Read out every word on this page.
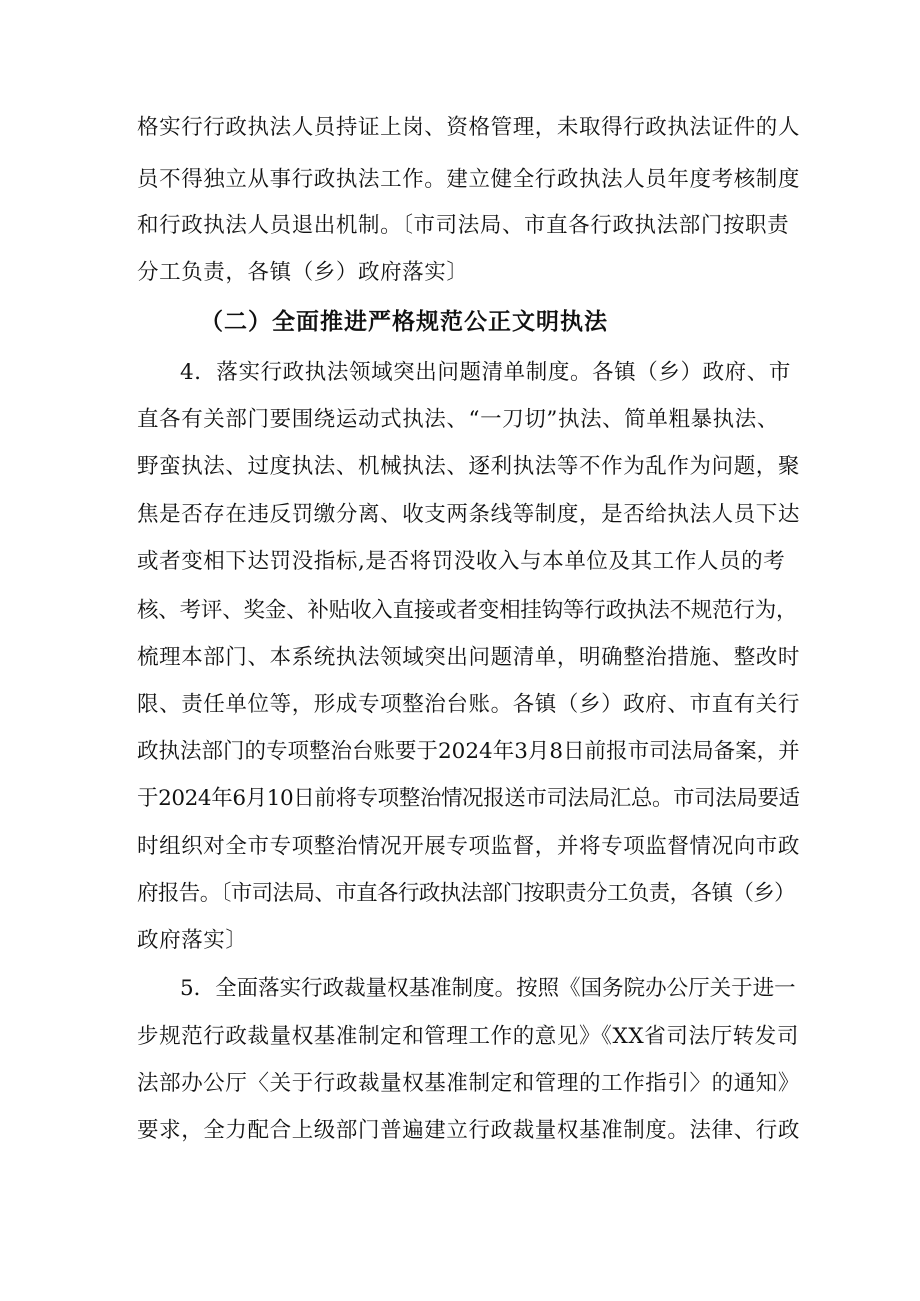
格实行行政执法人员持证上岗、资格管理，未取得行政执法证件的人
员不得独立从事行政执法工作。建立健全行政执法人员年度考核制度
和行政执法人员退出机制。〔市司法局、市直各行政执法部门按职责
分工负责，各镇（乡）政府落实〕
（二）全面推进严格规范公正文明执法
4．落实行政执法领域突出问题清单制度。各镇（乡）政府、市
直各有关部门要围绕运动式执法、“一刀切”执法、简单粗暴执法、
野蛮执法、过度执法、机械执法、逐利执法等不作为乱作为问题，聚
焦是否存在违反罚缴分离、收支两条线等制度，是否给执法人员下达
或者变相下达罚没指标,是否将罚没收入与本单位及其工作人员的考
核、考评、奖金、补贴收入直接或者变相挂钩等行政执法不规范行为，
梳理本部门、本系统执法领域突出问题清单，明确整治措施、整改时
限、责任单位等，形成专项整治台账。各镇（乡）政府、市直有关行
政执法部门的专项整治台账要于2024年3月8日前报市司法局备案，并
于2024年6月10日前将专项整治情况报送市司法局汇总。市司法局要适
时组织对全市专项整治情况开展专项监督，并将专项监督情况向市政
府报告。〔市司法局、市直各行政执法部门按职责分工负责，各镇（乡）
政府落实〕
5．全面落实行政裁量权基准制度。按照《国务院办公厅关于进一
步规范行政裁量权基准制定和管理工作的意见》《XX省司法厅转发司
法部办公厅〈关于行政裁量权基准制定和管理的工作指引〉的通知》
要求，全力配合上级部门普遍建立行政裁量权基准制度。法律、行政
